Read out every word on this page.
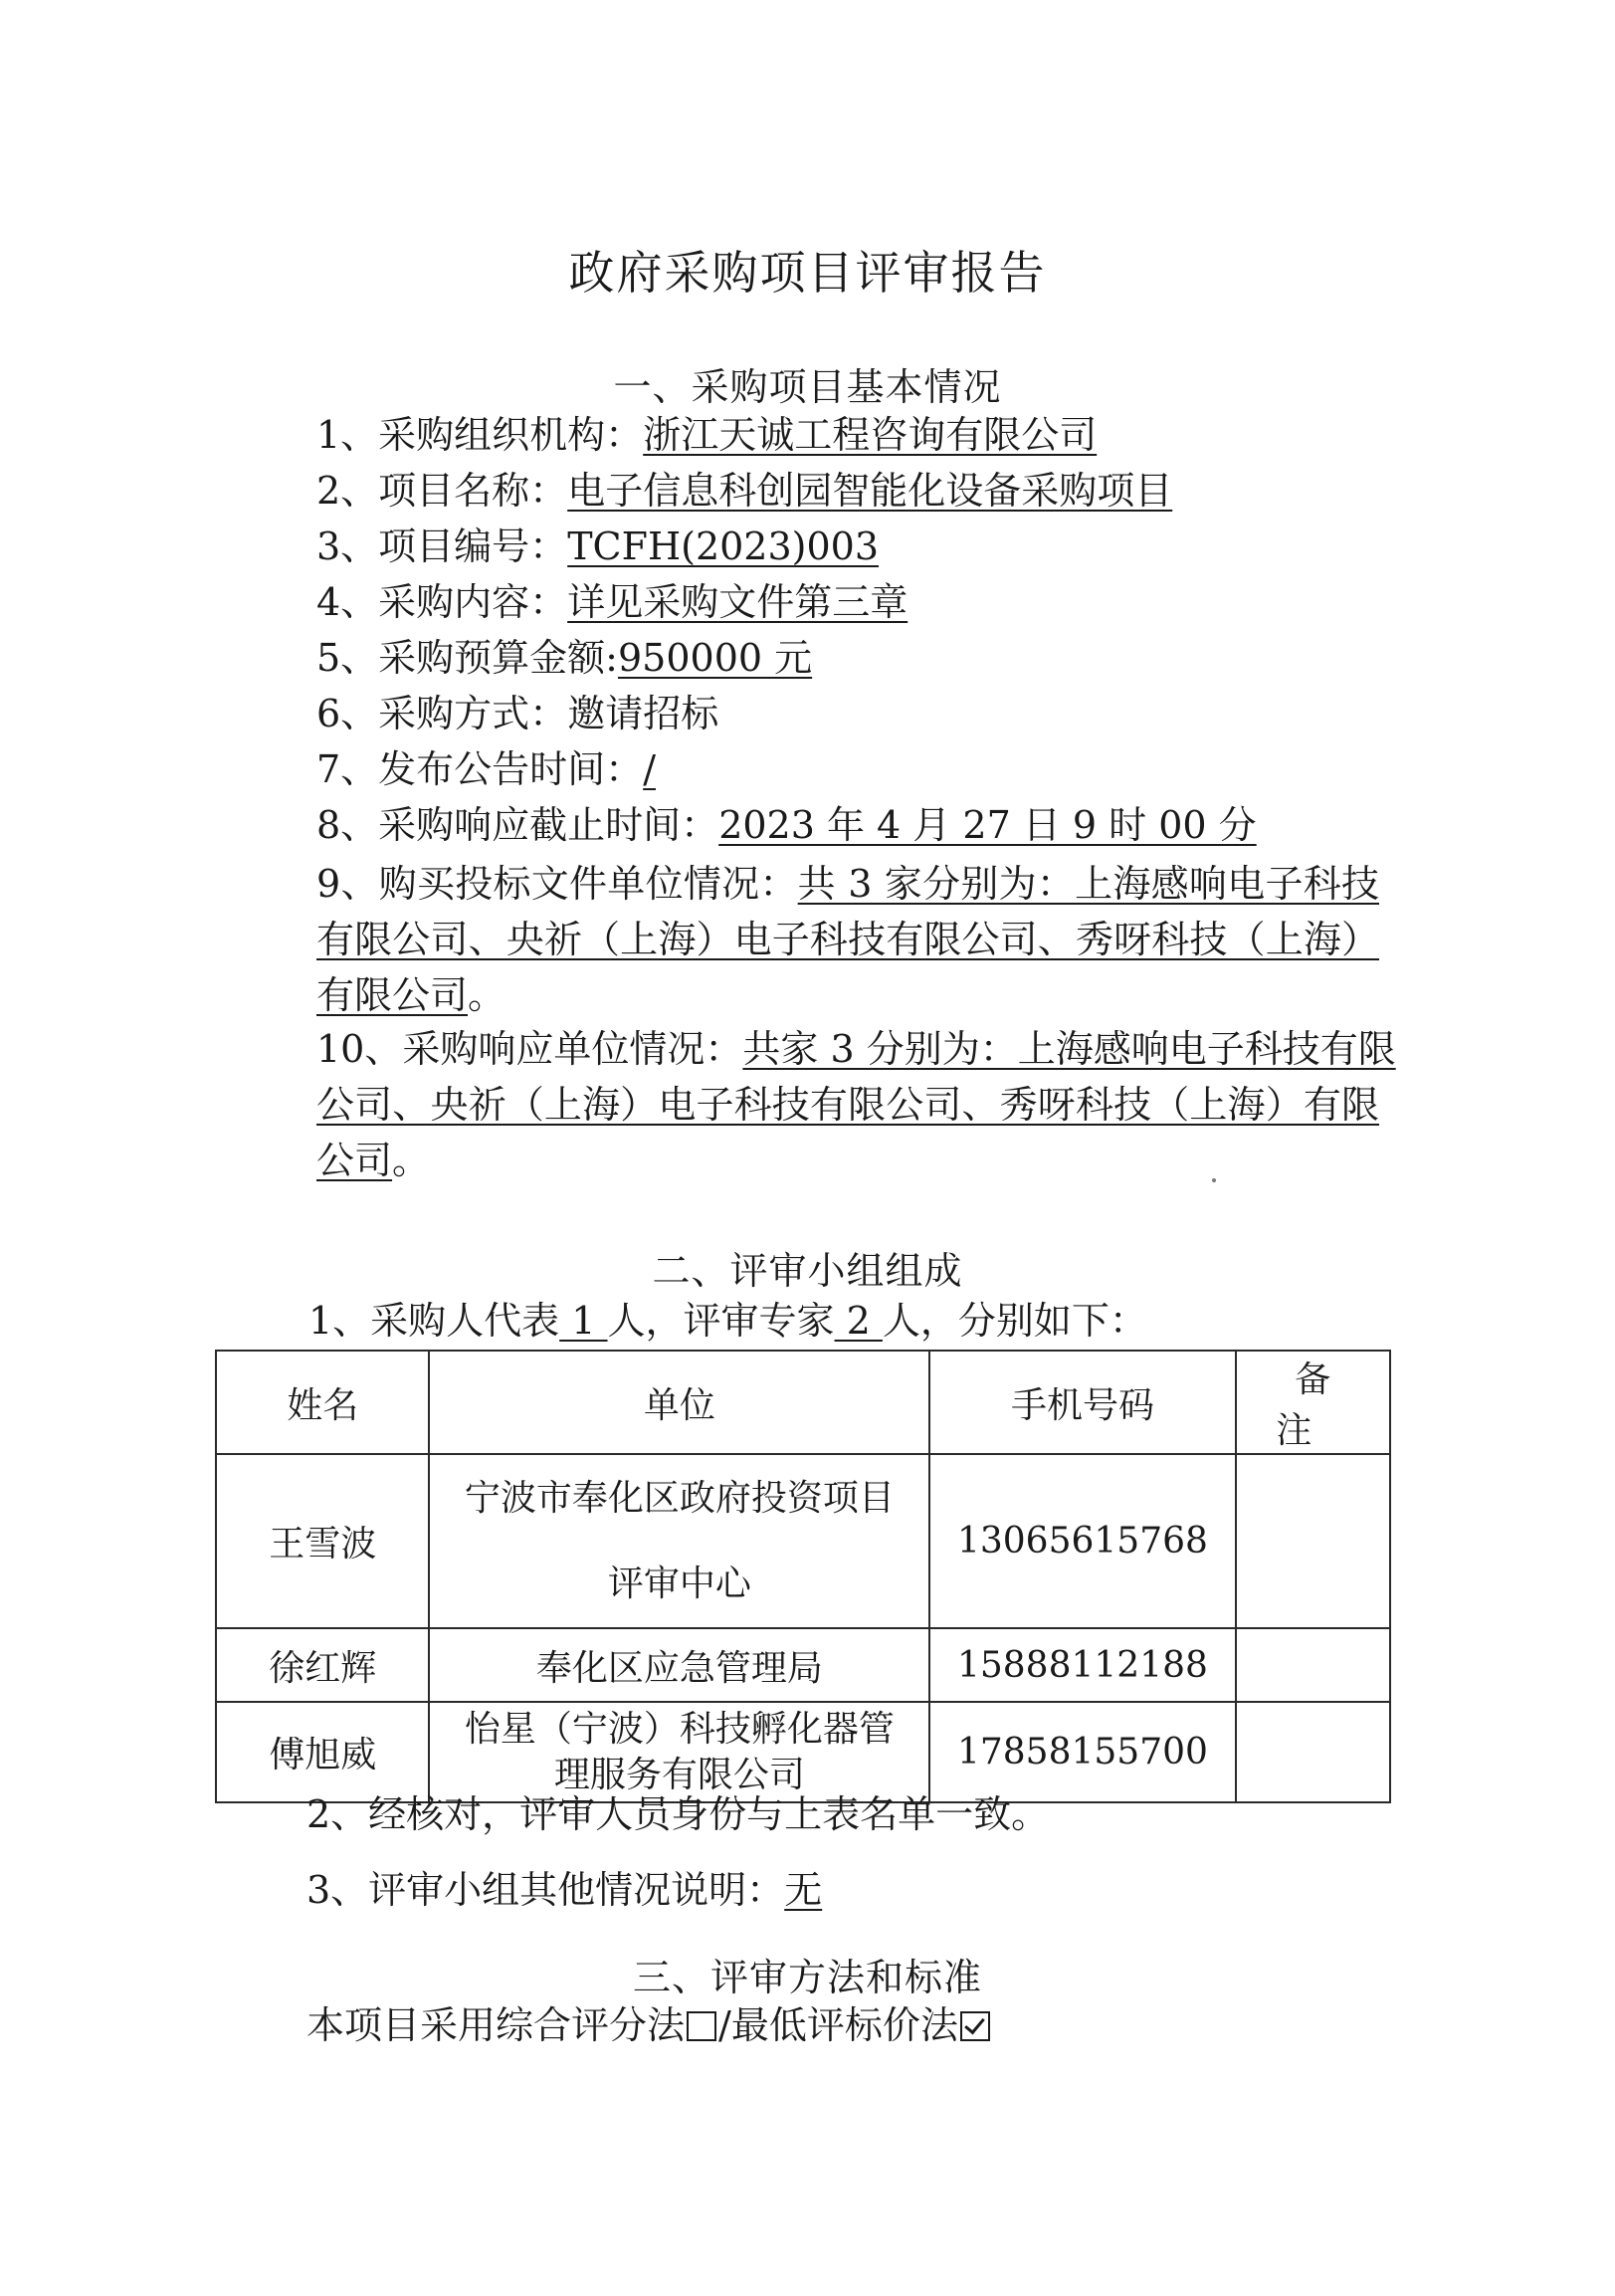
政府采购项目评审报告
一、采购项目基本情况
1、采购组织机构：浙江天诚工程咨询有限公司
2、项目名称：电子信息科创园智能化设备采购项目
3、项目编号：TCFH(2023)003
4、采购内容：详见采购文件第三章
5、采购预算金额:950000 元
6、采购方式：邀请招标
7、发布公告时间：/
8、采购响应截止时间：2023 年 4 月 27 日 9 时 00 分
9、购买投标文件单位情况：共 3 家分别为：上海感响电子科技
有限公司、央祈（上海）电子科技有限公司、秀呀科技（上海）
有限公司。
10、采购响应单位情况：共家 3 分别为：上海感响电子科技有限
公司、央祈（上海）电子科技有限公司、秀呀科技（上海）有限
公司。
二、评审小组组成
1、采购人代表 1 人，评审专家 2 人，分别如下：
姓名	单位	手机号码	备注
王雪波	宁波市奉化区政府投资项目
评审中心	13065615768	
徐红辉	奉化区应急管理局	15888112188	
傅旭威	怡星（宁波）科技孵化器管
理服务有限公司	17858155700	
2、经核对，评审人员身份与上表名单一致。
3、评审小组其他情况说明：无
三、评审方法和标准
本项目采用综合评分法 /最低评标价法
